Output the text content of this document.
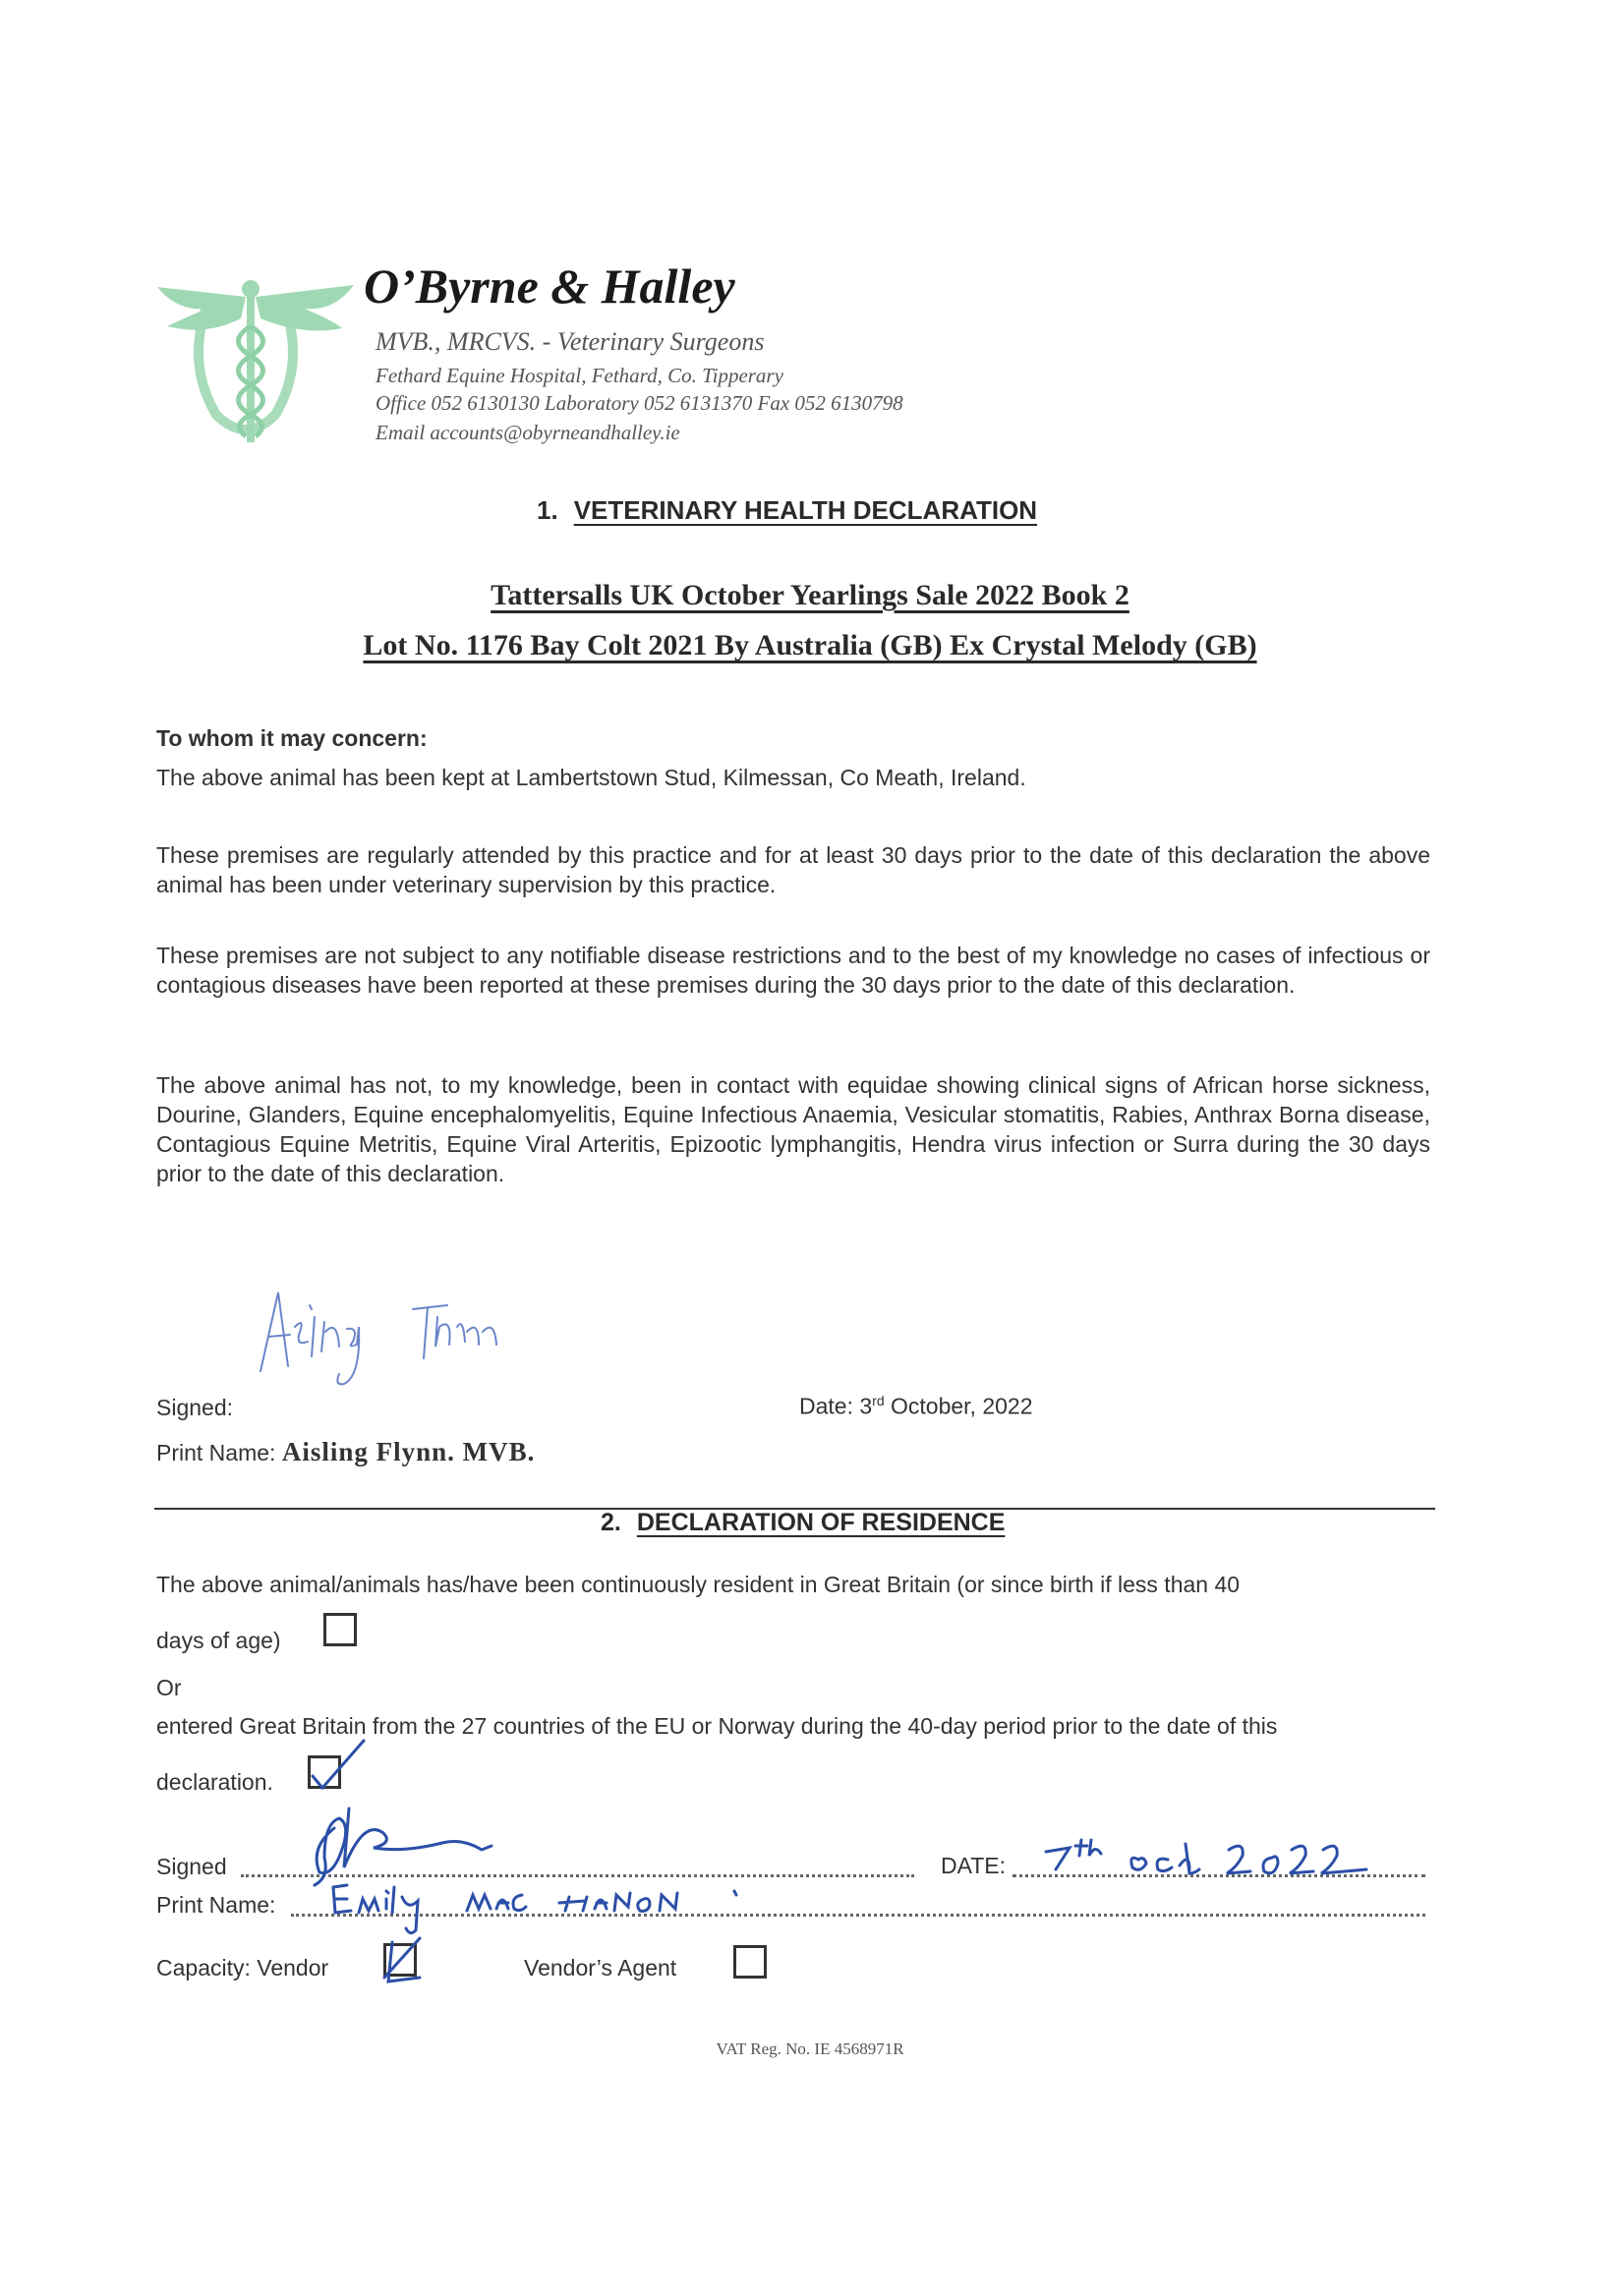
O’Byrne & Halley
MVB., MRCVS. - Veterinary Surgeons
Fethard Equine Hospital, Fethard, Co. Tipperary
Office 052 6130130 Laboratory 052 6131370 Fax 052 6130798
Email accounts@obyrneandhalley.ie
1. VETERINARY HEALTH DECLARATION
Tattersalls UK October Yearlings Sale 2022 Book 2
Lot No. 1176 Bay Colt 2021 By Australia (GB) Ex Crystal Melody (GB)
To whom it may concern:
The above animal has been kept at Lambertstown Stud, Kilmessan, Co Meath, Ireland.
These premises are regularly attended by this practice and for at least 30 days prior to the date of this declaration the above animal has been under veterinary supervision by this practice.
These premises are not subject to any notifiable disease restrictions and to the best of my knowledge no cases of infectious or contagious diseases have been reported at these premises during the 30 days prior to the date of this declaration.
The above animal has not, to my knowledge, been in contact with equidae showing clinical signs of African horse sickness, Dourine, Glanders, Equine encephalomyelitis, Equine Infectious Anaemia, Vesicular stomatitis, Rabies, Anthrax Borna disease, Contagious Equine Metritis, Equine Viral Arteritis, Epizootic lymphangitis, Hendra virus infection or Surra during the 30 days prior to the date of this declaration.
Signed:	Date: 3rd October, 2022
Print Name: Aisling Flynn. MVB.
2. DECLARATION OF RESIDENCE
The above animal/animals has/have been continuously resident in Great Britain (or since birth if less than 40
days of age)
Or
entered Great Britain from the 27 countries of the EU or Norway during the 40-day period prior to the date of this
declaration.
Signed	DATE:
Print Name:
Capacity: Vendor	Vendor’s Agent
VAT Reg. No. IE 4568971R
